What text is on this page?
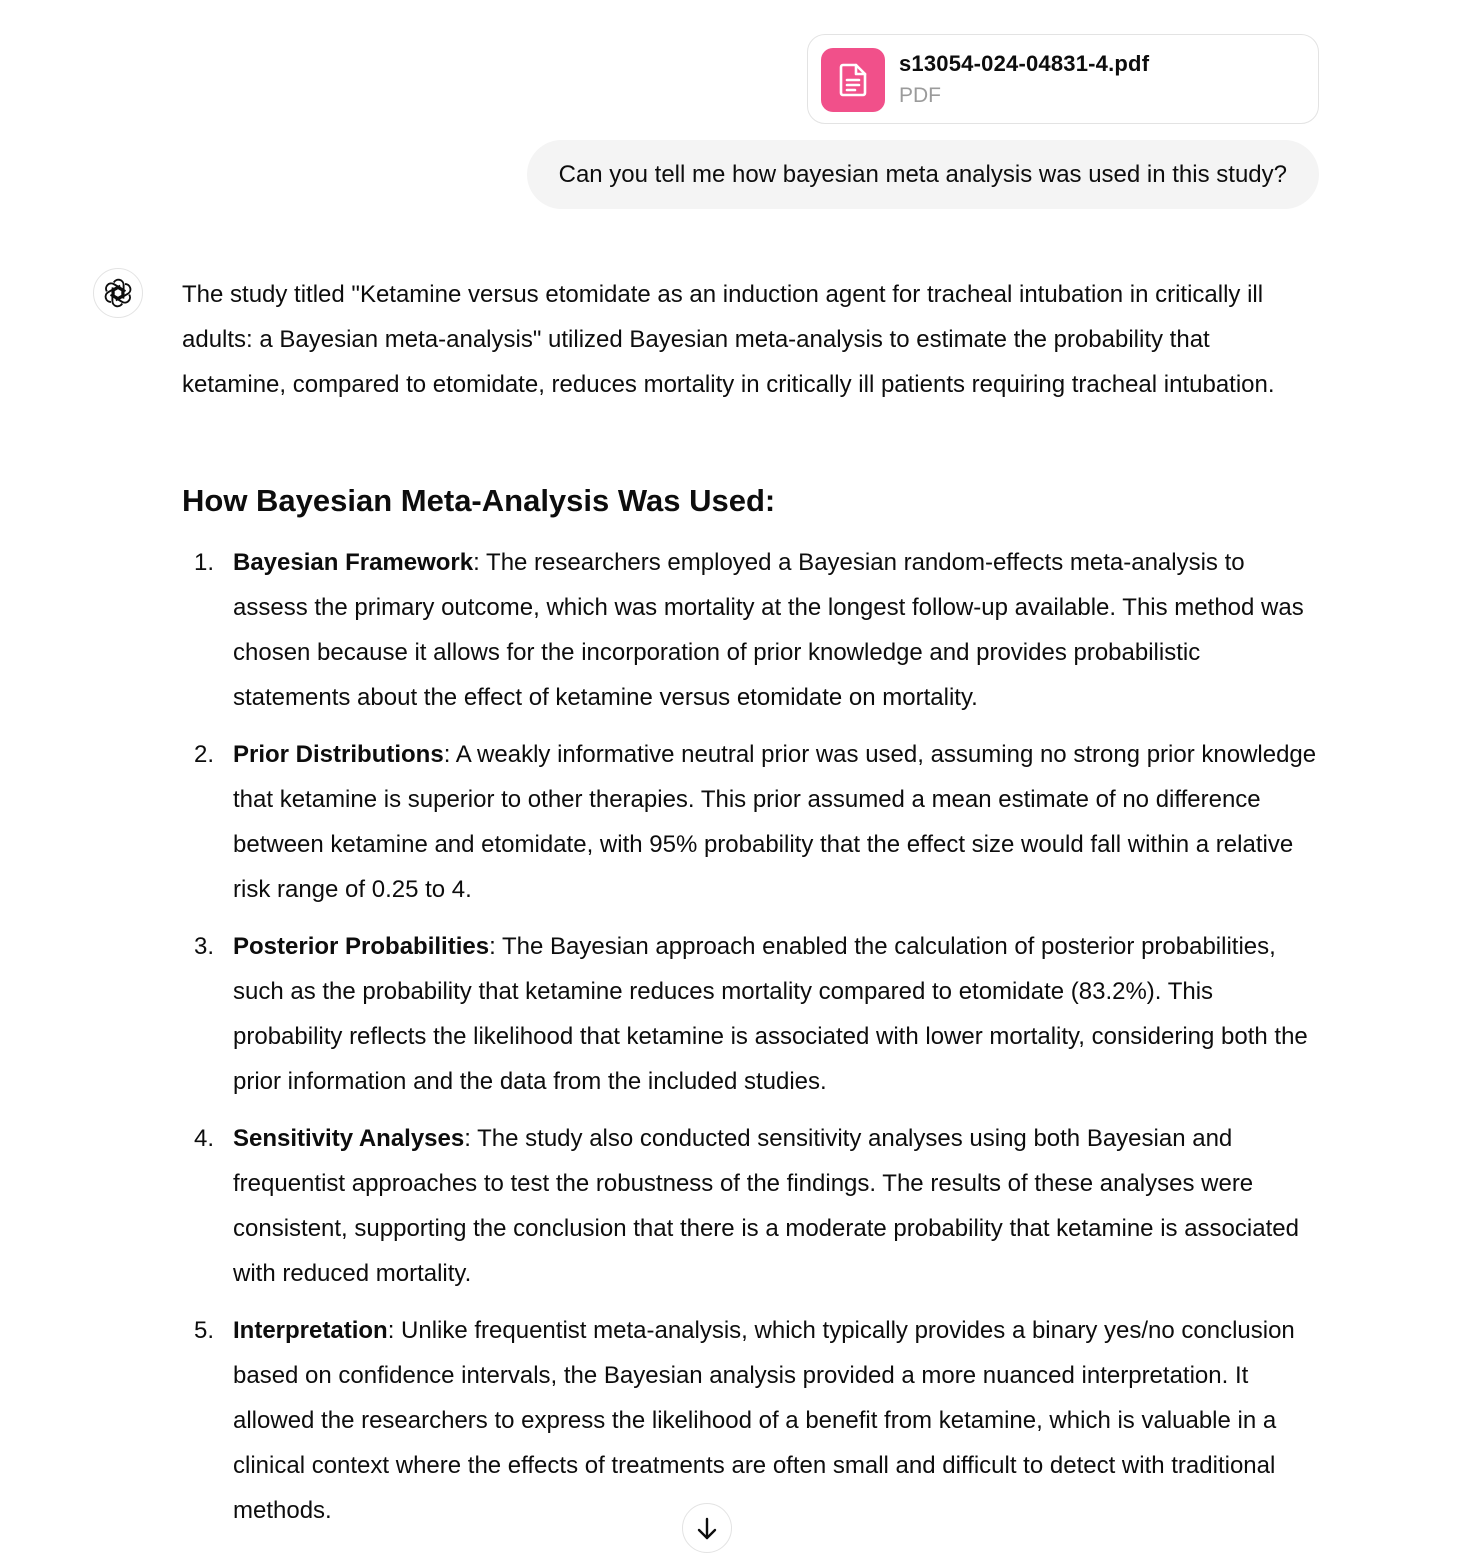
s13054-024-04831-4.pdf
PDF
Can you tell me how bayesian meta analysis was used in this study?

The study titled "Ketamine versus etomidate as an induction agent for tracheal intubation in critically ill adults: a Bayesian meta-analysis" utilized Bayesian meta-analysis to estimate the probability that ketamine, compared to etomidate, reduces mortality in critically ill patients requiring tracheal intubation.

How Bayesian Meta-Analysis Was Used:
1. Bayesian Framework: The researchers employed a Bayesian random-effects meta-analysis to assess the primary outcome, which was mortality at the longest follow-up available. This method was chosen because it allows for the incorporation of prior knowledge and provides probabilistic statements about the effect of ketamine versus etomidate on mortality.
2. Prior Distributions: A weakly informative neutral prior was used, assuming no strong prior knowledge that ketamine is superior to other therapies. This prior assumed a mean estimate of no difference between ketamine and etomidate, with 95% probability that the effect size would fall within a relative risk range of 0.25 to 4.
3. Posterior Probabilities: The Bayesian approach enabled the calculation of posterior probabilities, such as the probability that ketamine reduces mortality compared to etomidate (83.2%). This probability reflects the likelihood that ketamine is associated with lower mortality, considering both the prior information and the data from the included studies.
4. Sensitivity Analyses: The study also conducted sensitivity analyses using both Bayesian and frequentist approaches to test the robustness of the findings. The results of these analyses were consistent, supporting the conclusion that there is a moderate probability that ketamine is associated with reduced mortality.
5. Interpretation: Unlike frequentist meta-analysis, which typically provides a binary yes/no conclusion based on confidence intervals, the Bayesian analysis provided a more nuanced interpretation. It allowed the researchers to express the likelihood of a benefit from ketamine, which is valuable in a clinical context where the effects of treatments are often small and difficult to detect with traditional methods.
